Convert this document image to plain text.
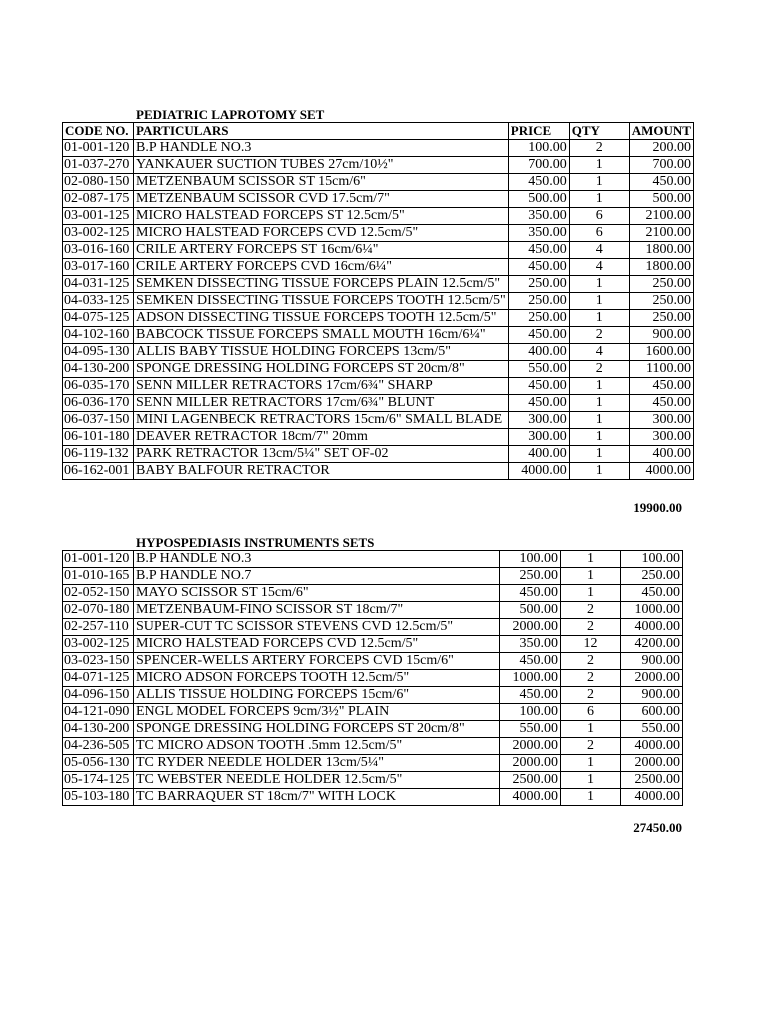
PEDIATRIC LAPROTOMY SET
CODE NO.	PARTICULARS	PRICE	QTY	AMOUNT
01-001-120	B.P HANDLE NO.3	100.00	2	200.00
01-037-270	YANKAUER SUCTION TUBES 27cm/10½"	700.00	1	700.00
02-080-150	METZENBAUM SCISSOR ST 15cm/6"	450.00	1	450.00
02-087-175	METZENBAUM SCISSOR CVD 17.5cm/7"	500.00	1	500.00
03-001-125	MICRO HALSTEAD FORCEPS ST 12.5cm/5"	350.00	6	2100.00
03-002-125	MICRO HALSTEAD FORCEPS CVD 12.5cm/5"	350.00	6	2100.00
03-016-160	CRILE ARTERY FORCEPS ST 16cm/6¼"	450.00	4	1800.00
03-017-160	CRILE ARTERY FORCEPS CVD 16cm/6¼"	450.00	4	1800.00
04-031-125	SEMKEN DISSECTING TISSUE FORCEPS PLAIN 12.5cm/5"	250.00	1	250.00
04-033-125	SEMKEN DISSECTING TISSUE FORCEPS TOOTH 12.5cm/5"	250.00	1	250.00
04-075-125	ADSON DISSECTING TISSUE FORCEPS TOOTH 12.5cm/5"	250.00	1	250.00
04-102-160	BABCOCK TISSUE FORCEPS SMALL MOUTH 16cm/6¼"	450.00	2	900.00
04-095-130	ALLIS BABY TISSUE HOLDING FORCEPS 13cm/5"	400.00	4	1600.00
04-130-200	SPONGE DRESSING HOLDING FORCEPS ST 20cm/8"	550.00	2	1100.00
06-035-170	SENN MILLER RETRACTORS 17cm/6¾" SHARP	450.00	1	450.00
06-036-170	SENN MILLER RETRACTORS 17cm/6¾" BLUNT	450.00	1	450.00
06-037-150	MINI LAGENBECK RETRACTORS 15cm/6" SMALL BLADE	300.00	1	300.00
06-101-180	DEAVER RETRACTOR 18cm/7" 20mm	300.00	1	300.00
06-119-132	PARK RETRACTOR 13cm/5¼" SET OF-02	400.00	1	400.00
06-162-001	BABY BALFOUR RETRACTOR	4000.00	1	4000.00
19900.00
HYPOSPEDIASIS INSTRUMENTS SETS
01-001-120	B.P HANDLE NO.3	100.00	1	100.00
01-010-165	B.P HANDLE NO.7	250.00	1	250.00
02-052-150	MAYO SCISSOR ST 15cm/6"	450.00	1	450.00
02-070-180	METZENBAUM-FINO SCISSOR ST 18cm/7"	500.00	2	1000.00
02-257-110	SUPER-CUT TC SCISSOR STEVENS CVD 12.5cm/5"	2000.00	2	4000.00
03-002-125	MICRO HALSTEAD FORCEPS CVD 12.5cm/5"	350.00	12	4200.00
03-023-150	SPENCER-WELLS ARTERY FORCEPS CVD 15cm/6"	450.00	2	900.00
04-071-125	MICRO ADSON FORCEPS TOOTH 12.5cm/5"	1000.00	2	2000.00
04-096-150	ALLIS TISSUE HOLDING FORCEPS 15cm/6"	450.00	2	900.00
04-121-090	ENGL MODEL FORCEPS 9cm/3½" PLAIN	100.00	6	600.00
04-130-200	SPONGE DRESSING HOLDING FORCEPS ST 20cm/8"	550.00	1	550.00
04-236-505	TC MICRO ADSON TOOTH .5mm 12.5cm/5"	2000.00	2	4000.00
05-056-130	TC RYDER NEEDLE HOLDER 13cm/5¼"	2000.00	1	2000.00
05-174-125	TC WEBSTER NEEDLE HOLDER 12.5cm/5"	2500.00	1	2500.00
05-103-180	TC BARRAQUER ST 18cm/7" WITH LOCK	4000.00	1	4000.00
27450.00
